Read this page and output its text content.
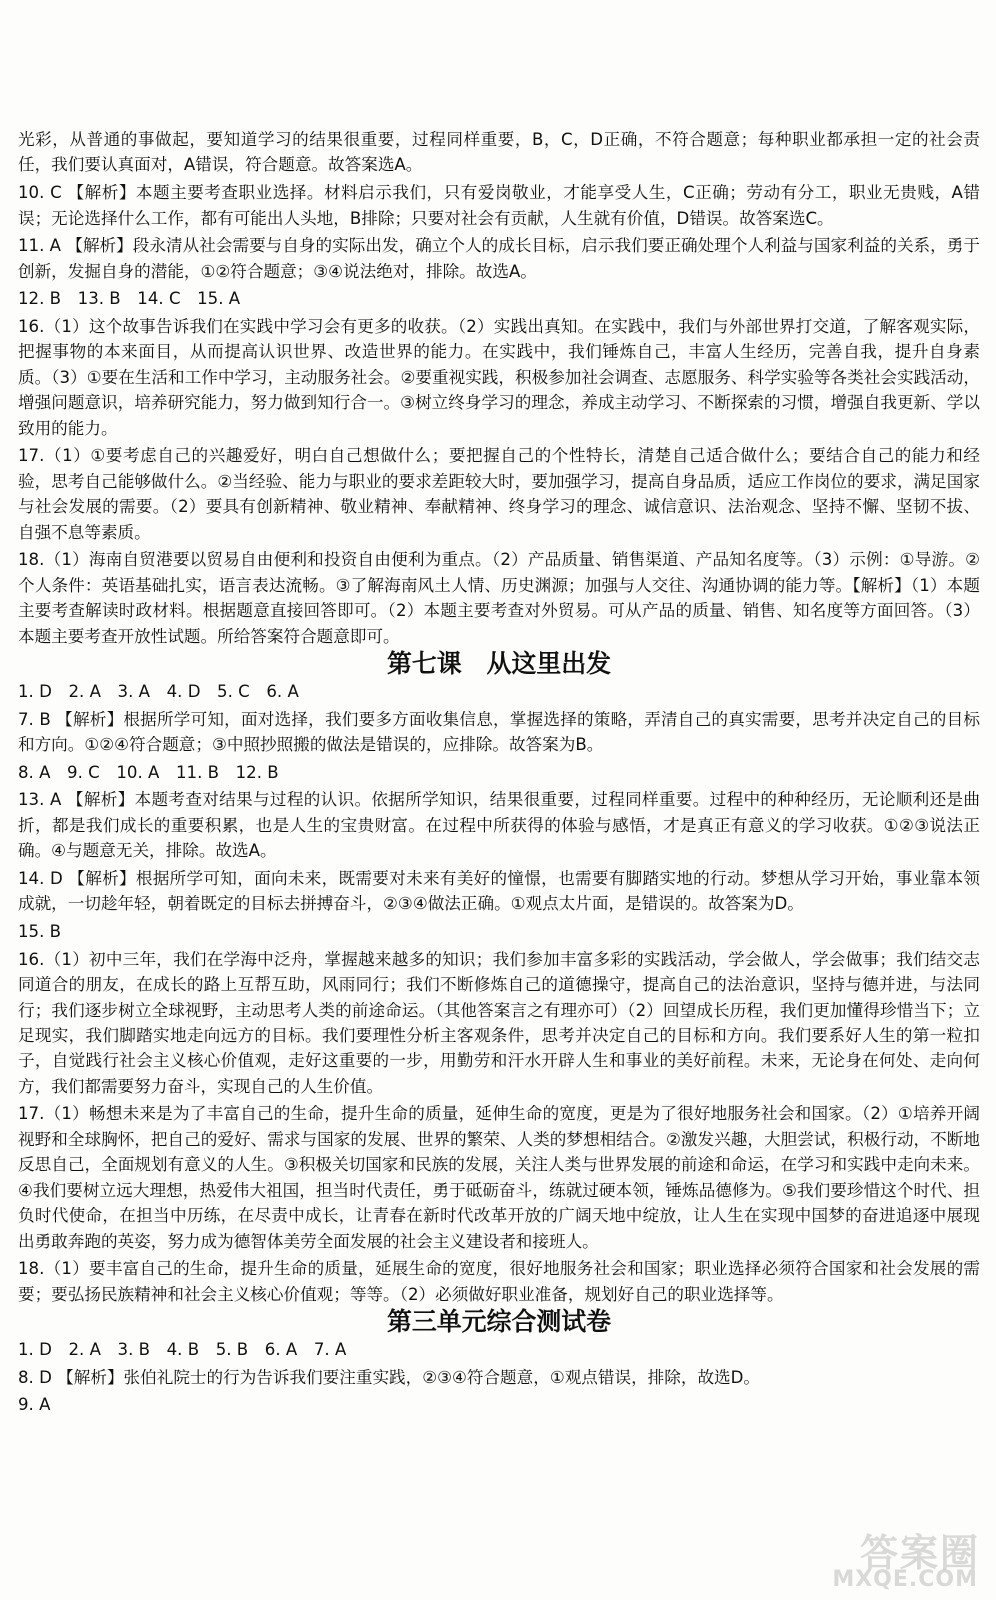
光彩，从普通的事做起，要知道学习的结果很重要，过程同样重要，B，C，D正确，不符合题意；每种职业都承担一定的社会责任，我们要认真面对，A错误，符合题意。故答案选A。

10. C 【解析】本题主要考查职业选择。材料启示我们，只有爱岗敬业，才能享受人生，C正确；劳动有分工，职业无贵贱，A错误；无论选择什么工作，都有可能出人头地，B排除；只要对社会有贡献，人生就有价值，D错误。故答案选C。

11. A 【解析】段永清从社会需要与自身的实际出发，确立个人的成长目标，启示我们要正确处理个人利益与国家利益的关系，勇于创新，发掘自身的潜能，①②符合题意；③④说法绝对，排除。故选A。

12. B　13. B　14. C　15. A

16.（1）这个故事告诉我们在实践中学习会有更多的收获。（2）实践出真知。在实践中，我们与外部世界打交道，了解客观实际，把握事物的本来面目，从而提高认识世界、改造世界的能力。在实践中，我们锤炼自己，丰富人生经历，完善自我，提升自身素质。（3）①要在生活和工作中学习，主动服务社会。②要重视实践，积极参加社会调查、志愿服务、科学实验等各类社会实践活动，增强问题意识，培养研究能力，努力做到知行合一。③树立终身学习的理念，养成主动学习、不断探索的习惯，增强自我更新、学以致用的能力。

17.（1）①要考虑自己的兴趣爱好，明白自己想做什么；要把握自己的个性特长，清楚自己适合做什么；要结合自己的能力和经验，思考自己能够做什么。②当经验、能力与职业的要求差距较大时，要加强学习，提高自身品质，适应工作岗位的要求，满足国家与社会发展的需要。（2）要具有创新精神、敬业精神、奉献精神、终身学习的理念、诚信意识、法治观念、坚持不懈、坚韧不拔、自强不息等素质。

18.（1）海南自贸港要以贸易自由便利和投资自由便利为重点。（2）产品质量、销售渠道、产品知名度等。（3）示例：①导游。②个人条件：英语基础扎实，语言表达流畅。③了解海南风土人情、历史渊源；加强与人交往、沟通协调的能力等。【解析】（1）本题主要考查解读时政材料。根据题意直接回答即可。（2）本题主要考查对外贸易。可从产品的质量、销售、知名度等方面回答。（3）本题主要考查开放性试题。所给答案符合题意即可。

第七课　从这里出发

1. D　2. A　3. A　4. D　5. C　6. A

7. B 【解析】根据所学可知，面对选择，我们要多方面收集信息，掌握选择的策略，弄清自己的真实需要，思考并决定自己的目标和方向。①②④符合题意；③中照抄照搬的做法是错误的，应排除。故答案为B。

8. A　9. C　10. A　11. B　12. B

13. A 【解析】本题考查对结果与过程的认识。依据所学知识，结果很重要，过程同样重要。过程中的种种经历，无论顺利还是曲折，都是我们成长的重要积累，也是人生的宝贵财富。在过程中所获得的体验与感悟，才是真正有意义的学习收获。①②③说法正确。④与题意无关，排除。故选A。

14. D 【解析】根据所学可知，面向未来，既需要对未来有美好的憧憬，也需要有脚踏实地的行动。梦想从学习开始，事业靠本领成就，一切趁年轻，朝着既定的目标去拼搏奋斗，②③④做法正确。①观点太片面，是错误的。故答案为D。

15. B

16.（1）初中三年，我们在学海中泛舟，掌握越来越多的知识；我们参加丰富多彩的实践活动，学会做人，学会做事；我们结交志同道合的朋友，在成长的路上互帮互助，风雨同行；我们不断修炼自己的道德操守，提高自己的法治意识，坚持与德并进，与法同行；我们逐步树立全球视野，主动思考人类的前途命运。（其他答案言之有理亦可）（2）回望成长历程，我们更加懂得珍惜当下；立足现实，我们脚踏实地走向远方的目标。我们要理性分析主客观条件，思考并决定自己的目标和方向。我们要系好人生的第一粒扣子，自觉践行社会主义核心价值观，走好这重要的一步，用勤劳和汗水开辟人生和事业的美好前程。未来，无论身在何处、走向何方，我们都需要努力奋斗，实现自己的人生价值。

17.（1）畅想未来是为了丰富自己的生命，提升生命的质量，延伸生命的宽度，更是为了很好地服务社会和国家。（2）①培养开阔视野和全球胸怀，把自己的爱好、需求与国家的发展、世界的繁荣、人类的梦想相结合。②激发兴趣，大胆尝试，积极行动，不断地反思自己，全面规划有意义的人生。③积极关切国家和民族的发展，关注人类与世界发展的前途和命运，在学习和实践中走向未来。④我们要树立远大理想，热爱伟大祖国，担当时代责任，勇于砥砺奋斗，练就过硬本领，锤炼品德修为。⑤我们要珍惜这个时代、担负时代使命，在担当中历练，在尽责中成长，让青春在新时代改革开放的广阔天地中绽放，让人生在实现中国梦的奋进追逐中展现出勇敢奔跑的英姿，努力成为德智体美劳全面发展的社会主义建设者和接班人。

18.（1）要丰富自己的生命，提升生命的质量，延展生命的宽度，很好地服务社会和国家；职业选择必须符合国家和社会发展的需要；要弘扬民族精神和社会主义核心价值观；等等。（2）必须做好职业准备，规划好自己的职业选择等。

第三单元综合测试卷

1. D　2. A　3. B　4. B　5. B　6. A　7. A

8. D 【解析】张伯礼院士的行为告诉我们要注重实践，②③④符合题意，①观点错误，排除，故选D。

9. A

答案圈
MXQE.COM
